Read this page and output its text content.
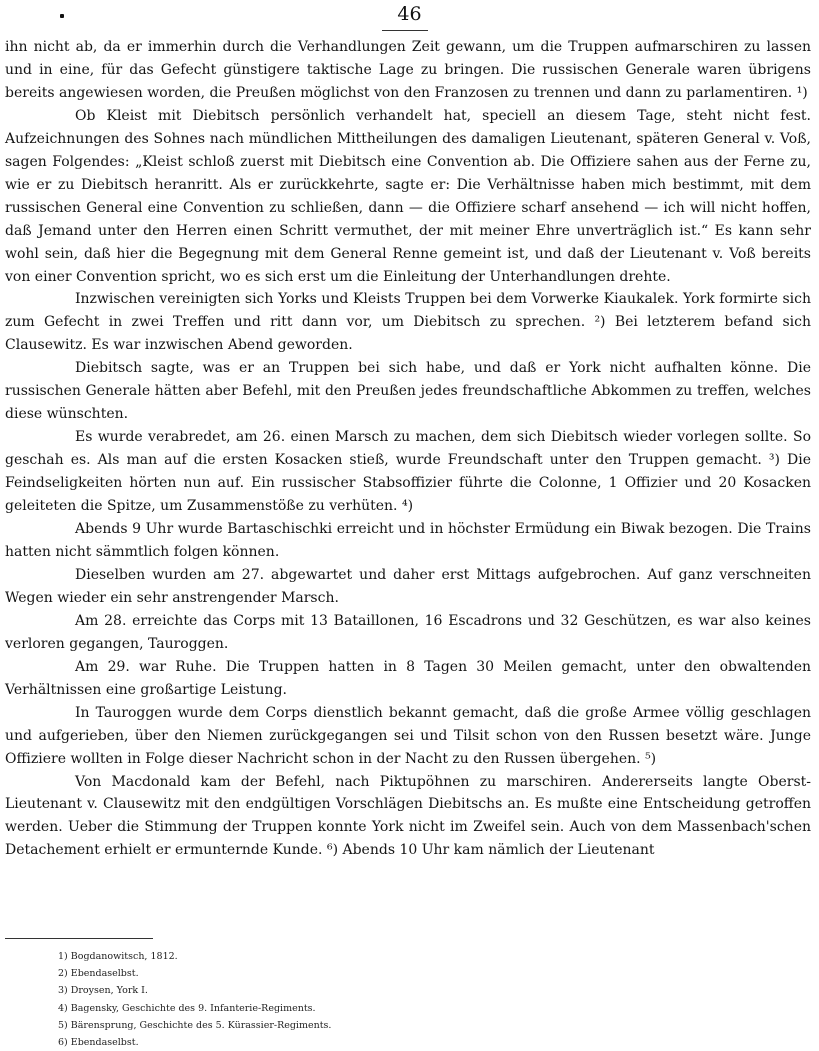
46

ihn nicht ab, da er immerhin durch die Verhandlungen Zeit gewann, um die Truppen aufmarschiren zu lassen und in eine, für das Gefecht günstigere taktische Lage zu bringen. Die russischen Generale waren übrigens bereits angewiesen worden, die Preußen möglichst von den Franzosen zu trennen und dann zu parlamentiren. ¹)

Ob Kleist mit Diebitsch persönlich verhandelt hat, speciell an diesem Tage, steht nicht fest. Aufzeichnungen des Sohnes nach mündlichen Mittheilungen des damaligen Lieutenant, späteren General v. Voß, sagen Folgendes: „Kleist schloß zuerst mit Diebitsch eine Convention ab. Die Offiziere sahen aus der Ferne zu, wie er zu Diebitsch heranritt. Als er zurückkehrte, sagte er: Die Verhältnisse haben mich bestimmt, mit dem russischen General eine Convention zu schließen, dann — die Offiziere scharf ansehend — ich will nicht hoffen, daß Jemand unter den Herren einen Schritt vermuthet, der mit meiner Ehre unverträglich ist.“ Es kann sehr wohl sein, daß hier die Begegnung mit dem General Renne gemeint ist, und daß der Lieutenant v. Voß bereits von einer Convention spricht, wo es sich erst um die Einleitung der Unterhandlungen drehte.

Inzwischen vereinigten sich Yorks und Kleists Truppen bei dem Vorwerke Kiaukalek. York formirte sich zum Gefecht in zwei Treffen und ritt dann vor, um Diebitsch zu sprechen. ²) Bei letzterem befand sich Clausewitz. Es war inzwischen Abend geworden.

Diebitsch sagte, was er an Truppen bei sich habe, und daß er York nicht aufhalten könne. Die russischen Generale hätten aber Befehl, mit den Preußen jedes freundschaftliche Abkommen zu treffen, welches diese wünschten.

Es wurde verabredet, am 26. einen Marsch zu machen, dem sich Diebitsch wieder vorlegen sollte. So geschah es. Als man auf die ersten Kosacken stieß, wurde Freundschaft unter den Truppen gemacht. ³) Die Feindseligkeiten hörten nun auf. Ein russischer Stabsoffizier führte die Colonne, 1 Offizier und 20 Kosacken geleiteten die Spitze, um Zusammenstöße zu verhüten. ⁴)

Abends 9 Uhr wurde Bartaschischki erreicht und in höchster Ermüdung ein Biwak bezogen. Die Trains hatten nicht sämmtlich folgen können.

Dieselben wurden am 27. abgewartet und daher erst Mittags aufgebrochen. Auf ganz verschneiten Wegen wieder ein sehr anstrengender Marsch.

Am 28. erreichte das Corps mit 13 Bataillonen, 16 Escadrons und 32 Geschützen, es war also keines verloren gegangen, Tauroggen.

Am 29. war Ruhe. Die Truppen hatten in 8 Tagen 30 Meilen gemacht, unter den obwaltenden Verhältnissen eine großartige Leistung.

In Tauroggen wurde dem Corps dienstlich bekannt gemacht, daß die große Armee völlig geschlagen und aufgerieben, über den Niemen zurückgegangen sei und Tilsit schon von den Russen besetzt wäre. Junge Offiziere wollten in Folge dieser Nachricht schon in der Nacht zu den Russen übergehen. ⁵)

Von Macdonald kam der Befehl, nach Piktupöhnen zu marschiren. Andererseits langte Oberst-Lieutenant v. Clausewitz mit den endgültigen Vorschlägen Diebitschs an. Es mußte eine Entscheidung getroffen werden. Ueber die Stimmung der Truppen konnte York nicht im Zweifel sein. Auch von dem Massenbach'schen Detachement erhielt er ermunternde Kunde. ⁶) Abends 10 Uhr kam nämlich der Lieutenant

1) Bogdanowitsch, 1812.
2) Ebendaselbst.
3) Droysen, York I.
4) Bagensky, Geschichte des 9. Infanterie-Regiments.
5) Bärensprung, Geschichte des 5. Kürassier-Regiments.
6) Ebendaselbst.
